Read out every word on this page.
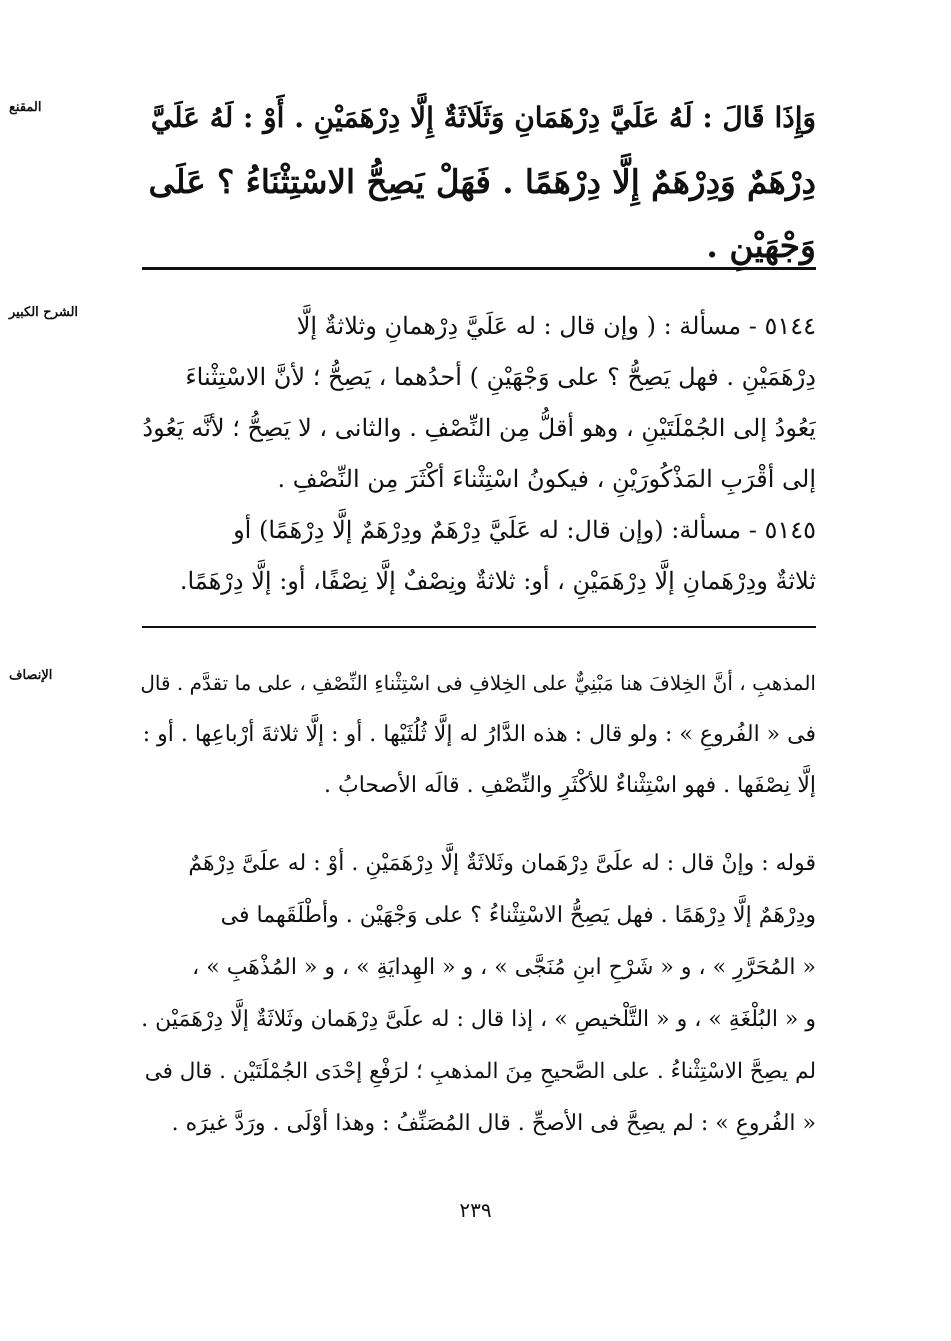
المقنع	وَإِذَا قَالَ : لَهُ عَلَيَّ دِرْهَمَانِ وَثَلَاثَةٌ إِلَّا دِرْهَمَيْنِ . أَوْ : لَهُ عَلَيَّ
دِرْهَمٌ وَدِرْهَمٌ إِلَّا دِرْهَمًا . فَهَلْ يَصِحُّ الاسْتِثْنَاءُ ؟ عَلَى
وَجْهَيْنِ .
الشرح الكبير	٥١٤٤ - مسألة : ( وإن قال : له عَلَيَّ دِرْهمانِ وثلاثةٌ إلَّا
دِرْهَمَيْنِ . فهل يَصِحُّ ؟ على وَجْهَيْنِ ) أحدُهما ، يَصِحُّ ؛ لأنَّ الاسْتِثْناءَ
يَعُودُ إلى الجُمْلَتَيْنِ ، وهو أقلُّ مِن النِّصْفِ . والثانى ، لا يَصِحُّ ؛ لأنَّه يَعُودُ
إلى أقْرَبِ المَذْكُورَيْنِ ، فيكونُ اسْتِثْناءَ أكْثَرَ مِن النِّصْفِ .
٥١٤٥ - مسألة: (وإن قال: له عَلَيَّ دِرْهَمٌ ودِرْهَمٌ إلَّا دِرْهَمًا) أو
ثلاثةٌ ودِرْهَمانِ إلَّا دِرْهَمَيْنِ ، أو: ثلاثةٌ ونِصْفٌ إلَّا نِصْفًا، أو: إلَّا دِرْهَمًا.
الإنصاف	المذهبِ ، أنَّ الخِلافَ هنا مَبْنِيٌّ على الخِلافِ فى اسْتِثْناءِ النِّصْفِ ، على ما تقدَّم . قال
فى « الفُروعِ » : ولو قال : هذه الدَّارُ له إلَّا ثُلُثَيْها . أو : إلَّا ثلاثةَ أرْباعِها . أو :
إلَّا نِصْفَها . فهو اسْتِثْناءٌ للأكْثَرِ والنِّصْفِ . قالَه الأصحابُ .
قوله : وإنْ قال : له علَىَّ دِرْهَمان وثَلاثَةٌ إلَّا دِرْهَمَيْنِ . أوْ : له علَىَّ دِرْهَمٌ
ودِرْهَمٌ إلَّا دِرْهَمًا . فهل يَصِحُّ الاسْتِثْناءُ ؟ على وَجْهَيْن . وأطْلَقَهما فى
« المُحَرَّرِ » ، و « شَرْحِ ابنِ مُنَجَّى » ، و « الهِدايَةِ » ، و « المُذْهَبِ » ،
و « البُلْغَةِ » ، و « التَّلْخيصِ » ، إذا قال : له علَىَّ دِرْهَمان وثَلاثَةٌ إلَّا دِرْهَمَيْن .
لم يصِحَّ الاسْتِثْناءُ . على الصَّحيحِ مِنَ المذهبِ ؛ لرَفْعِ إحْدَى الجُمْلَتَيْن . قال فى
« الفُروعِ » : لم يصِحَّ فى الأصحِّ . قال المُصَنِّفُ : وهذا أوْلَى . ورَدَّ غيرَه .
٢٣٩
